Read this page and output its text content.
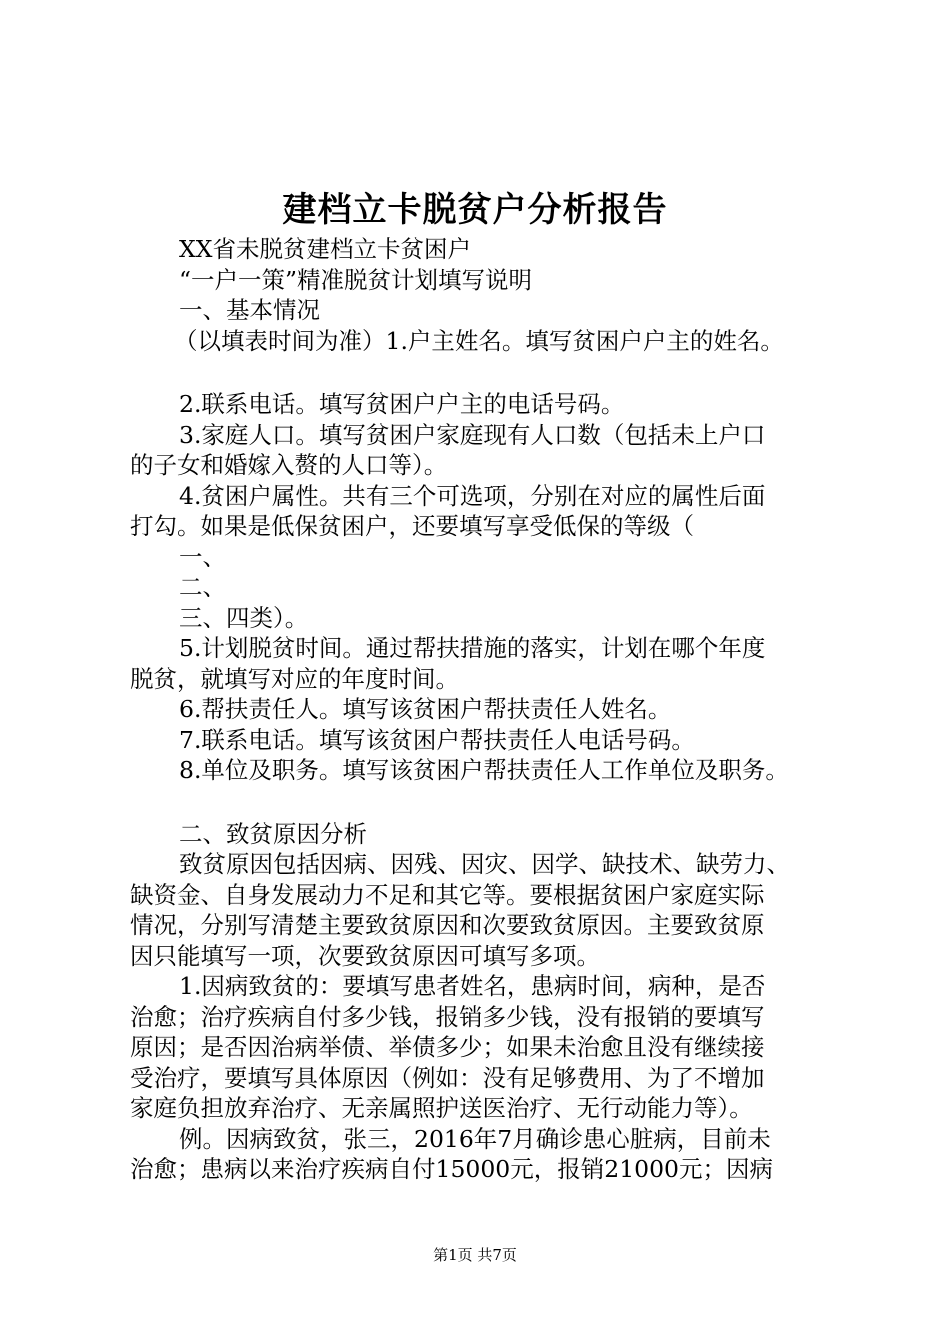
建档立卡脱贫户分析报告

XX省未脱贫建档立卡贫困户

“一户一策”精准脱贫计划填写说明

一、基本情况

（以填表时间为准）1.户主姓名。填写贫困户户主的姓名。

2.联系电话。填写贫困户户主的电话号码。

3.家庭人口。填写贫困户家庭现有人口数（包括未上户口

的子女和婚嫁入赘的人口等）。

4.贫困户属性。共有三个可选项，分别在对应的属性后面

打勾。如果是低保贫困户，还要填写享受低保的等级（

一、

二、

三、四类）。

5.计划脱贫时间。通过帮扶措施的落实，计划在哪个年度

脱贫，就填写对应的年度时间。

6.帮扶责任人。填写该贫困户帮扶责任人姓名。

7.联系电话。填写该贫困户帮扶责任人电话号码。

8.单位及职务。填写该贫困户帮扶责任人工作单位及职务。

二、致贫原因分析

致贫原因包括因病、因残、因灾、因学、缺技术、缺劳力、

缺资金、自身发展动力不足和其它等。要根据贫困户家庭实际

情况，分别写清楚主要致贫原因和次要致贫原因。主要致贫原

因只能填写一项，次要致贫原因可填写多项。

1.因病致贫的：要填写患者姓名，患病时间，病种，是否

治愈；治疗疾病自付多少钱，报销多少钱，没有报销的要填写

原因；是否因治病举债、举债多少；如果未治愈且没有继续接

受治疗，要填写具体原因（例如：没有足够费用、为了不增加

家庭负担放弃治疗、无亲属照护送医治疗、无行动能力等）。

例。因病致贫，张三，2016年7月确诊患心脏病，目前未

治愈；患病以来治疗疾病自付15000元，报销21000元；因病

第1页 共7页
